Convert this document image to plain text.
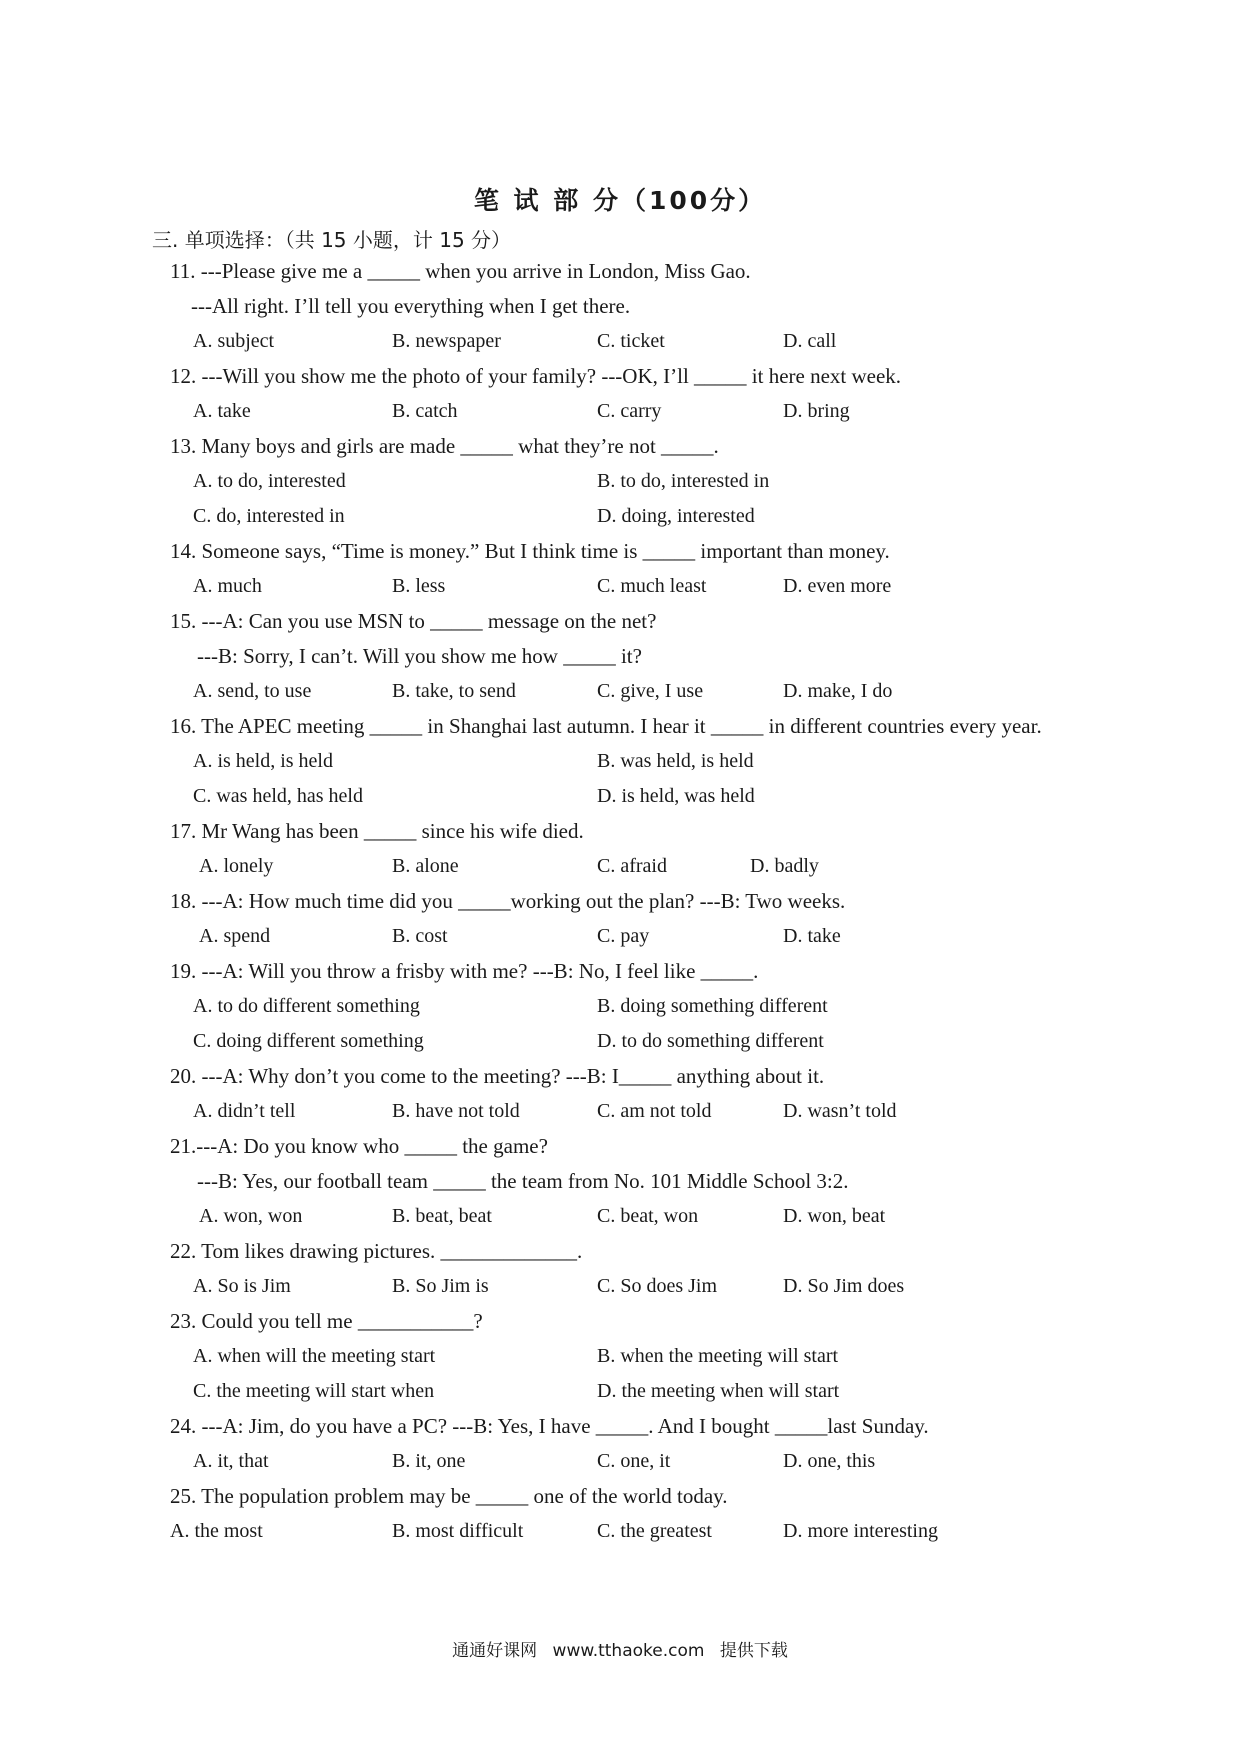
笔 试 部 分（100分）
三. 单项选择：（共 15 小题，计 15 分）
11. ---Please give me a _____ when you arrive in London, Miss Gao.
---All right. I’ll tell you everything when I get there.
A. subject	B. newspaper	C. ticket	D. call
12. ---Will you show me the photo of your family? ---OK, I’ll _____ it here next week.
A. take	B. catch	C. carry	D. bring
13. Many boys and girls are made _____ what they’re not _____.
A. to do, interested	B. to do, interested in
C. do, interested in	D. doing, interested
14. Someone says, “Time is money.” But I think time is _____ important than money.
A. much	B. less	C. much least	D. even more
15. ---A: Can you use MSN to _____ message on the net?
---B: Sorry, I can’t. Will you show me how _____ it?
A. send, to use	B. take, to send	C. give, I use	D. make, I do
16. The APEC meeting _____ in Shanghai last autumn. I hear it _____ in different countries every year.
A. is held, is held	B. was held, is held
C. was held, has held	D. is held, was held
17. Mr Wang has been _____ since his wife died.
A. lonely	B. alone	C. afraid	D. badly
18. ---A: How much time did you _____working out the plan? ---B: Two weeks.
A. spend	B. cost	C. pay	D. take
19. ---A: Will you throw a frisby with me? ---B: No, I feel like _____.
A. to do different something	B. doing something different
C. doing different something	D. to do something different
20. ---A: Why don’t you come to the meeting? ---B: I_____ anything about it.
A. didn’t tell	B. have not told	C. am not told	D. wasn’t told
21.---A: Do you know who _____ the game?
---B: Yes, our football team _____ the team from No. 101 Middle School 3:2.
A. won, won	B. beat, beat	C. beat, won	D. won, beat
22. Tom likes drawing pictures. _____________.
A. So is Jim	B. So Jim is	C. So does Jim	D. So Jim does
23. Could you tell me ___________?
A. when will the meeting start	B. when the meeting will start
C. the meeting will start when	D. the meeting when will start
24. ---A: Jim, do you have a PC? ---B: Yes, I have _____. And I bought _____last Sunday.
A. it, that	B. it, one	C. one, it	D. one, this
25. The population problem may be _____ one of the world today.
A. the most	B. most difficult	C. the greatest	D. more interesting
通通好课网 www.tthaoke.com 提供下载
